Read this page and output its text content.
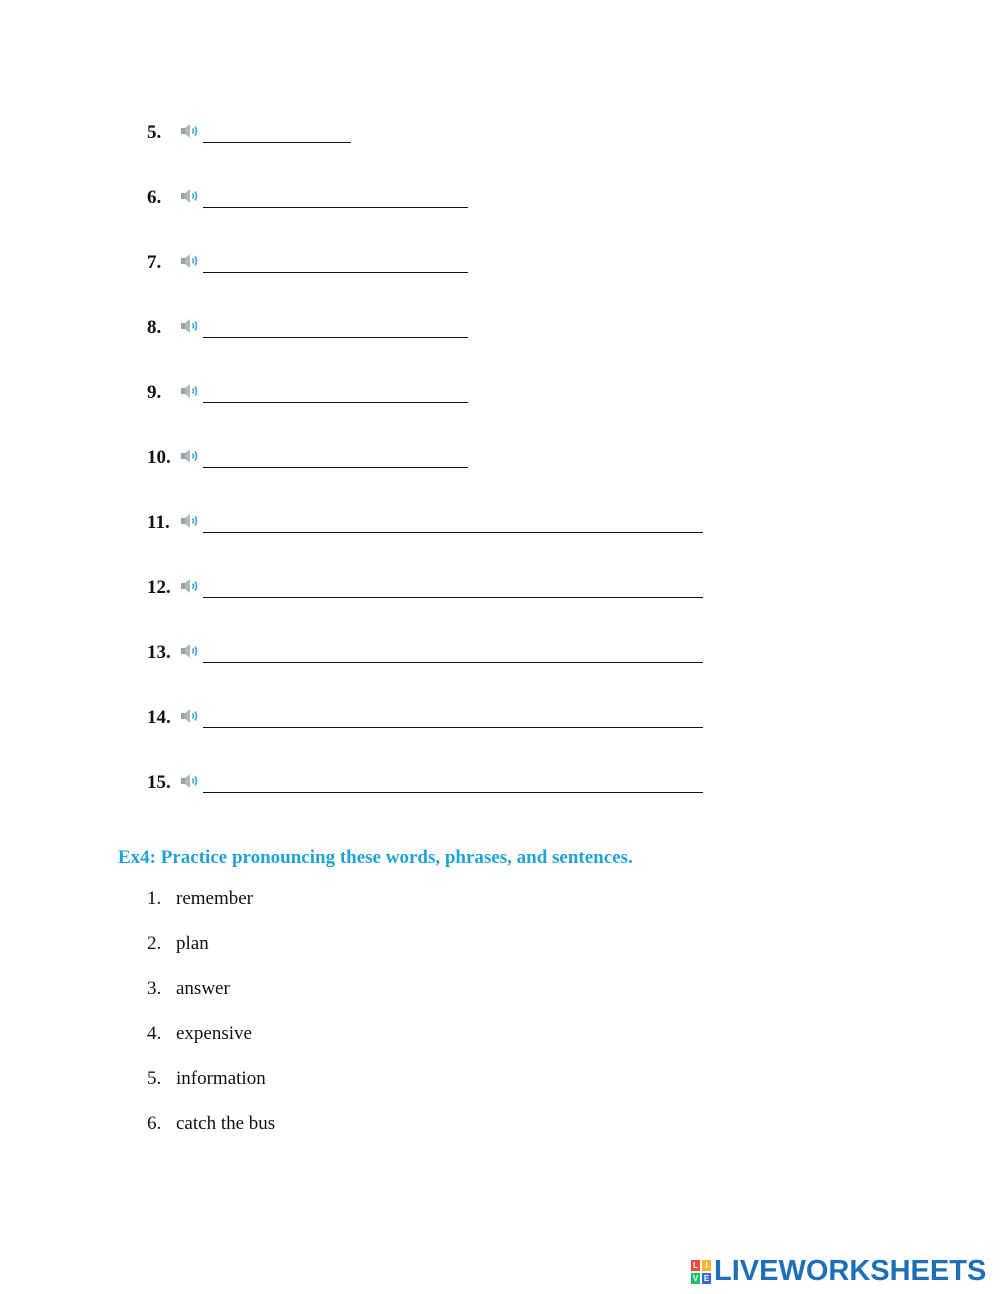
5.
6.
7.
8.
9.
10.
11.
12.
13.
14.
15.
Ex4: Practice pronouncing these words, phrases, and sentences.
1. remember
2. plan
3. answer
4. expensive
5. information
6. catch the bus
L I
V E LIVEWORKSHEETS
